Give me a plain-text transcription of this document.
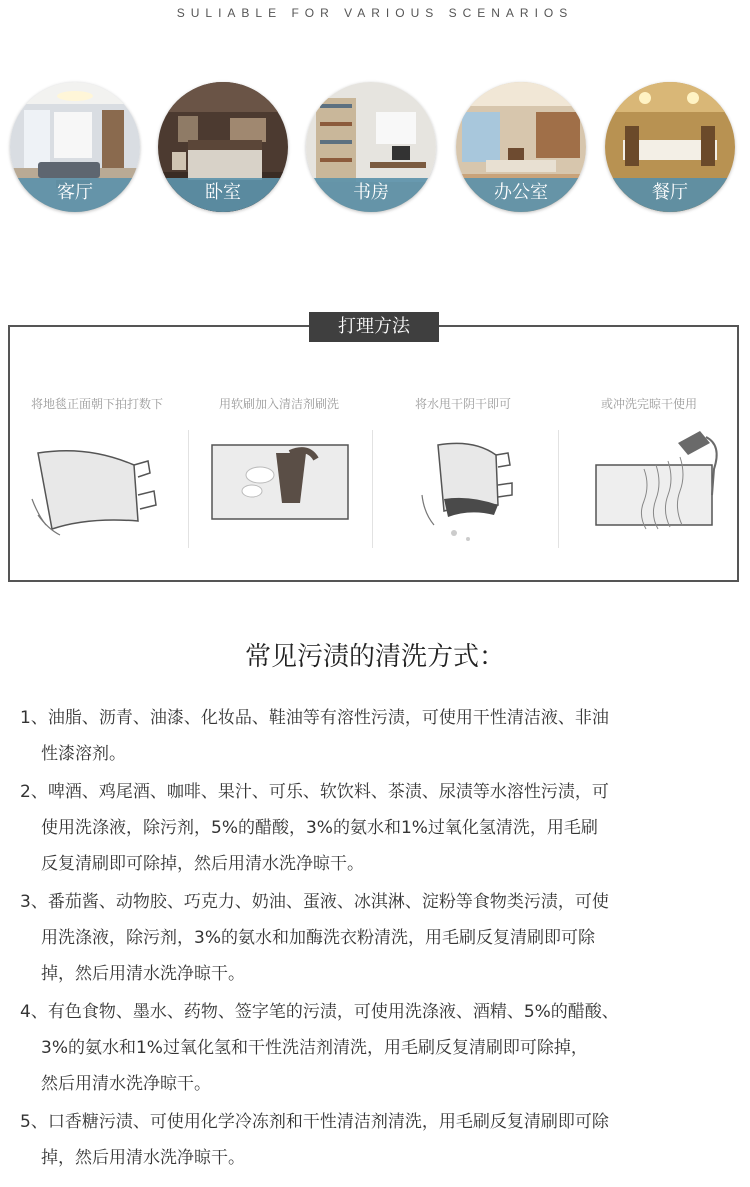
SULIABLE FOR VARIOUS SCENARIOS
客厅	卧室	书房	办公室	餐厅
打理方法
将地毯正面朝下拍打数下	用软刷加入清洁剂刷洗	将水甩干阴干即可	或冲洗完晾干使用
常见污渍的清洗方式：
1、油脂、沥青、油漆、化妆品、鞋油等有溶性污渍，可使用干性清洁液、非油
性漆溶剂。
2、啤酒、鸡尾酒、咖啡、果汁、可乐、软饮料、茶渍、尿渍等水溶性污渍，可
使用洗涤液，除污剂，5%的醋酸，3%的氨水和1%过氧化氢清洗，用毛刷
反复清刷即可除掉，然后用清水洗净晾干。
3、番茄酱、动物胶、巧克力、奶油、蛋液、冰淇淋、淀粉等食物类污渍，可使
用洗涤液，除污剂，3%的氨水和加酶洗衣粉清洗，用毛刷反复清刷即可除
掉，然后用清水洗净晾干。
4、有色食物、墨水、药物、签字笔的污渍，可使用洗涤液、酒精、5%的醋酸、
3%的氨水和1%过氧化氢和干性洗洁剂清洗，用毛刷反复清刷即可除掉，
然后用清水洗净晾干。
5、口香糖污渍、可使用化学冷冻剂和干性清洁剂清洗，用毛刷反复清刷即可除
掉，然后用清水洗净晾干。
